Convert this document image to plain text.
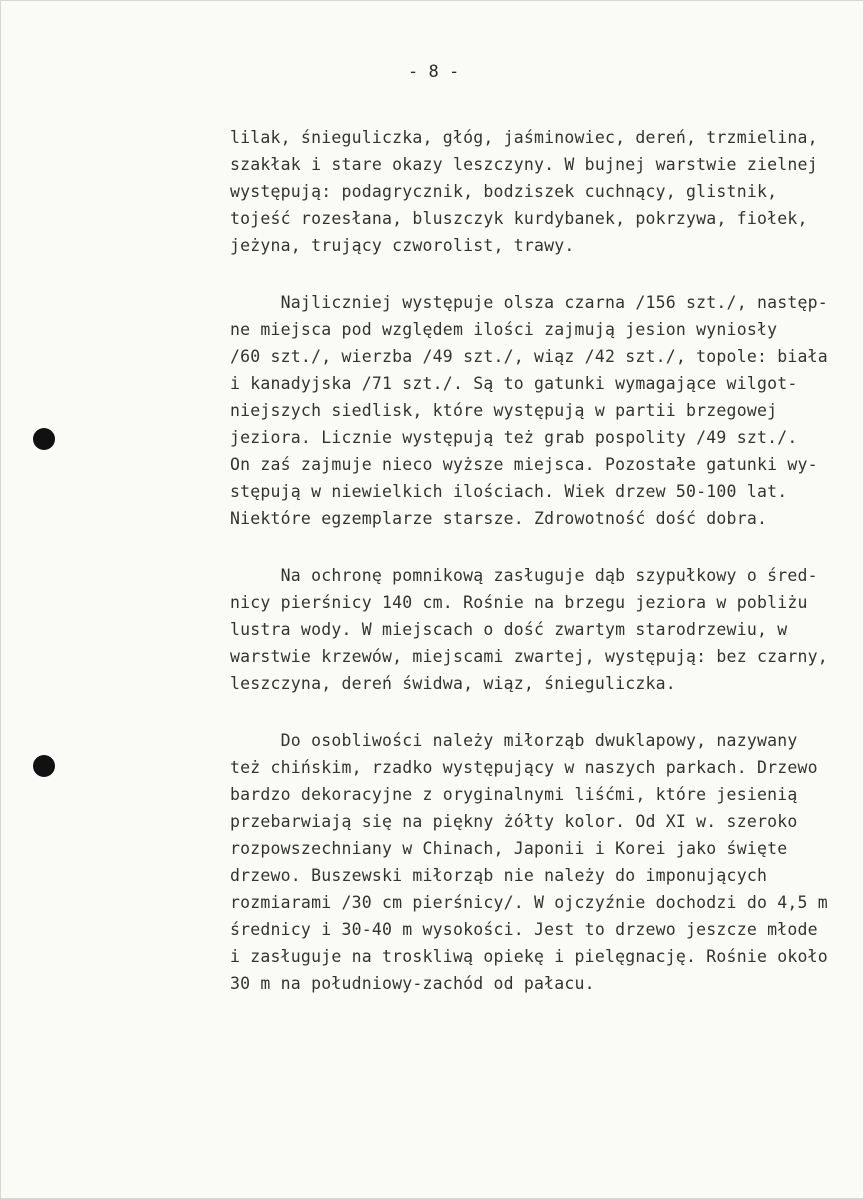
- 8 -
lilak, śnieguliczka, głóg, jaśminowiec, dereń, trzmielina,
szakłak i stare okazy leszczyny. W bujnej warstwie zielnej
występują: podagrycznik, bodziszek cuchnący, glistnik,
tojeść rozesłana, bluszczyk kurdybanek, pokrzywa, fiołek,
jeżyna, trujący czworolist, trawy.
Najliczniej występuje olsza czarna /156 szt./, następ-
ne miejsca pod względem ilości zajmują jesion wyniosły
/60 szt./, wierzba /49 szt./, wiąz /42 szt./, topole: biała
i kanadyjska /71 szt./. Są to gatunki wymagające wilgot-
niejszych siedlisk, które występują w partii brzegowej
jeziora. Licznie występują też grab pospolity /49 szt./.
On zaś zajmuje nieco wyższe miejsca. Pozostałe gatunki wy-
stępują w niewielkich ilościach. Wiek drzew 50-100 lat.
Niektóre egzemplarze starsze. Zdrowotność dość dobra.
Na ochronę pomnikową zasługuje dąb szypułkowy o śred-
nicy pierśnicy 140 cm. Rośnie na brzegu jeziora w pobliżu
lustra wody. W miejscach o dość zwartym starodrzewiu, w
warstwie krzewów, miejscami zwartej, występują: bez czarny,
leszczyna, dereń świdwa, wiąz, śnieguliczka.
Do osobliwości należy miłorząb dwuklapowy, nazywany
też chińskim, rzadko występujący w naszych parkach. Drzewo
bardzo dekoracyjne z oryginalnymi liśćmi, które jesienią
przebarwiają się na piękny żółty kolor. Od XI w. szeroko
rozpowszechniany w Chinach, Japonii i Korei jako święte
drzewo. Buszewski miłorząb nie należy do imponujących
rozmiarami /30 cm pierśnicy/. W ojczyźnie dochodzi do 4,5 m
średnicy i 30-40 m wysokości. Jest to drzewo jeszcze młode
i zasługuje na troskliwą opiekę i pielęgnację. Rośnie około
30 m na południowy-zachód od pałacu.
